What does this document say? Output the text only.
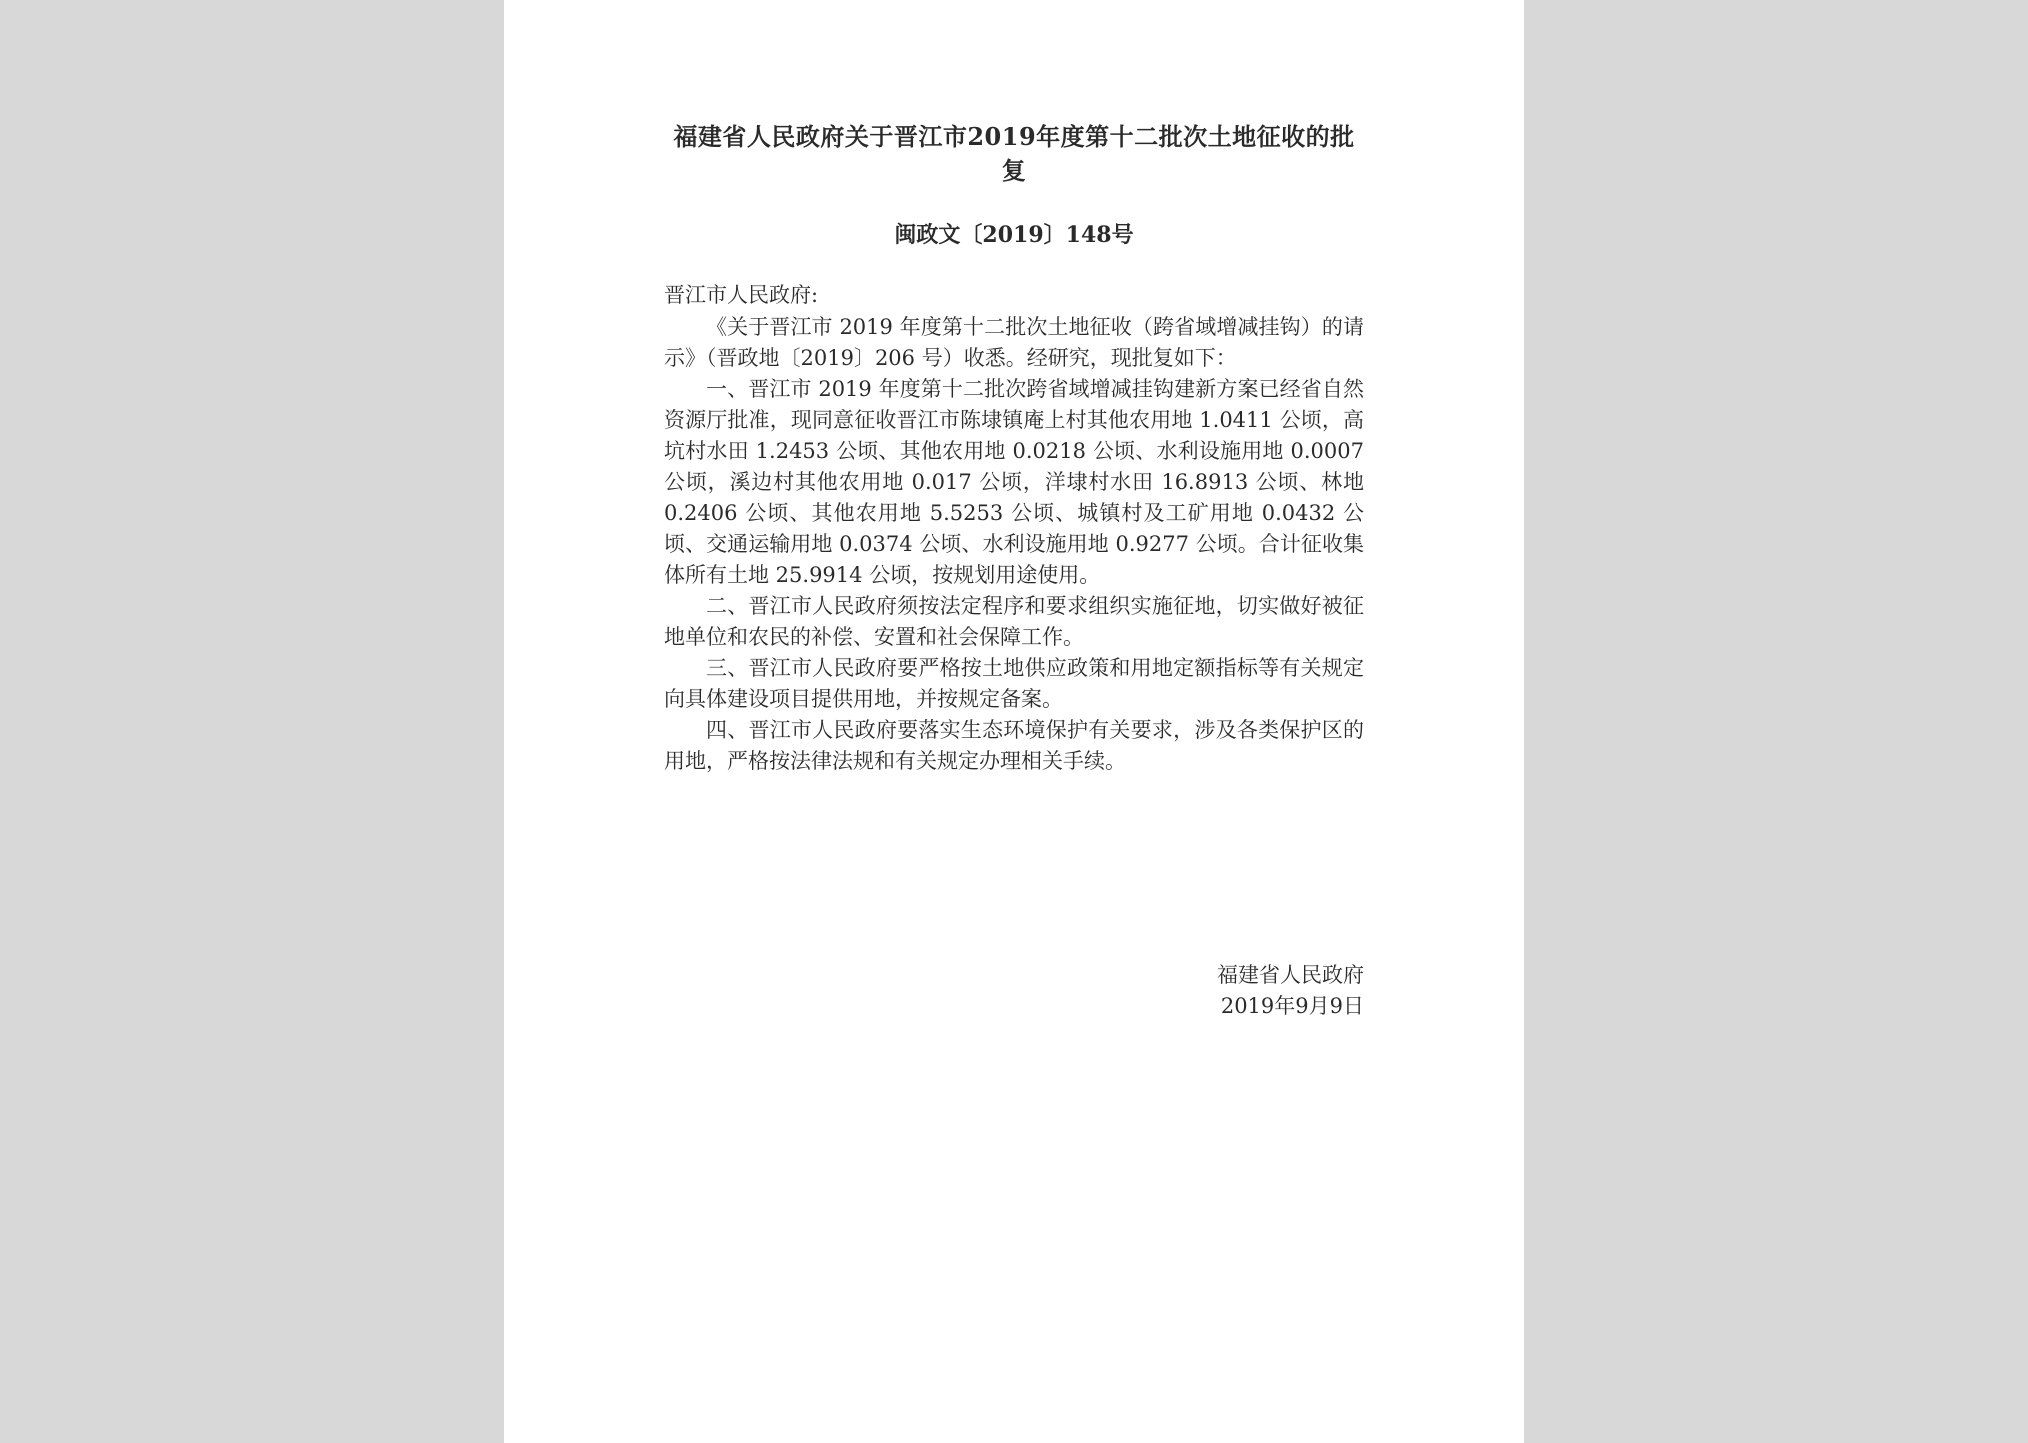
福建省人民政府关于晋江市2019年度第十二批次土地征收的批复
闽政文〔2019〕148号
晋江市人民政府:

《关于晋江市 2019 年度第十二批次土地征收（跨省域增减挂钩）的请示》（晋政地〔2019〕206 号）收悉。经研究，现批复如下：

一、晋江市 2019 年度第十二批次跨省域增减挂钩建新方案已经省自然资源厅批准，现同意征收晋江市陈埭镇庵上村其他农用地 1.0411 公顷，高坑村水田 1.2453 公顷、其他农用地 0.0218 公顷、水利设施用地 0.0007 公顷，溪边村其他农用地 0.017 公顷，洋埭村水田 16.8913 公顷、林地 0.2406 公顷、其他农用地 5.5253 公顷、城镇村及工矿用地 0.0432 公顷、交通运输用地 0.0374 公顷、水利设施用地 0.9277 公顷。合计征收集体所有土地 25.9914 公顷，按规划用途使用。

二、晋江市人民政府须按法定程序和要求组织实施征地，切实做好被征地单位和农民的补偿、安置和社会保障工作。

三、晋江市人民政府要严格按土地供应政策和用地定额指标等有关规定向具体建设项目提供用地，并按规定备案。

四、晋江市人民政府要落实生态环境保护有关要求，涉及各类保护区的用地，严格按法律法规和有关规定办理相关手续。

福建省人民政府
2019年9月9日
